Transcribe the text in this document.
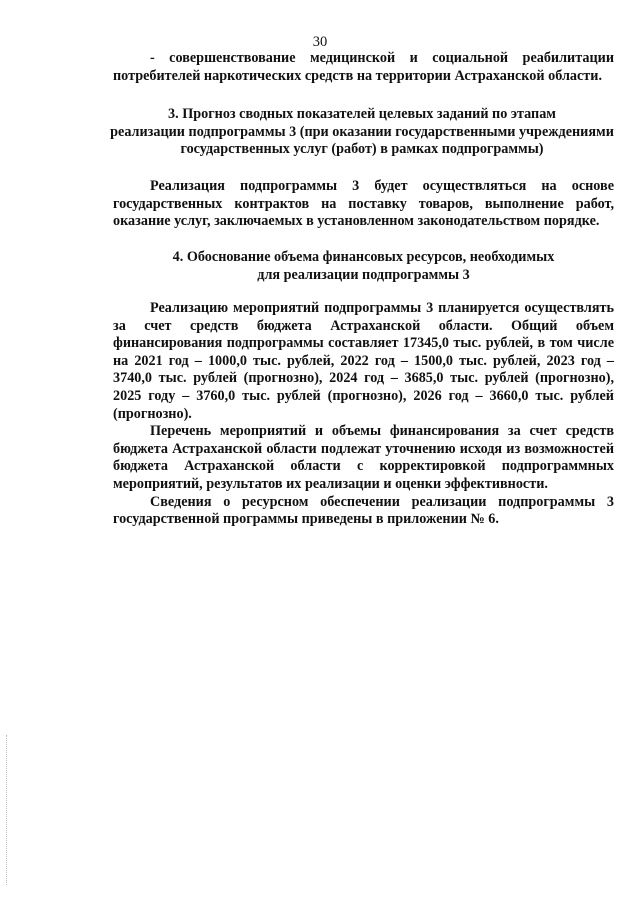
30

- совершенствование медицинской и социальной реабилитации

потребителей наркотических средств на территории Астраханской области.

3. Прогноз сводных показателей целевых заданий по этапам

реализации подпрограммы 3 (при оказании государственными учреждениями

государственных услуг (работ) в рамках подпрограммы)

Реализация подпрограммы 3 будет осуществляться на основе государственных контрактов на поставку товаров, выполнение работ, оказание услуг, заключаемых в установленном законодательством порядке.

4. Обоснование объема финансовых ресурсов, необходимых

для реализации подпрограммы 3

Реализацию мероприятий подпрограммы 3 планируется осуществлять за счет средств бюджета Астраханской области. Общий объем финансирования подпрограммы составляет 17345,0 тыс. рублей, в том числе на 2021 год – 1000,0 тыс. рублей, 2022 год – 1500,0 тыс. рублей, 2023 год – 3740,0 тыс. рублей (прогнозно), 2024 год – 3685,0 тыс. рублей (прогнозно), 2025 году – 3760,0 тыс. рублей (прогнозно), 2026 год – 3660,0 тыс. рублей (прогнозно).

Перечень мероприятий и объемы финансирования за счет средств бюджета Астраханской области подлежат уточнению исходя из возможностей бюджета Астраханской области с корректировкой подпрограммных мероприятий, результатов их реализации и оценки эффективности.

Сведения о ресурсном обеспечении реализации подпрограммы 3 государственной программы приведены в приложении № 6.
